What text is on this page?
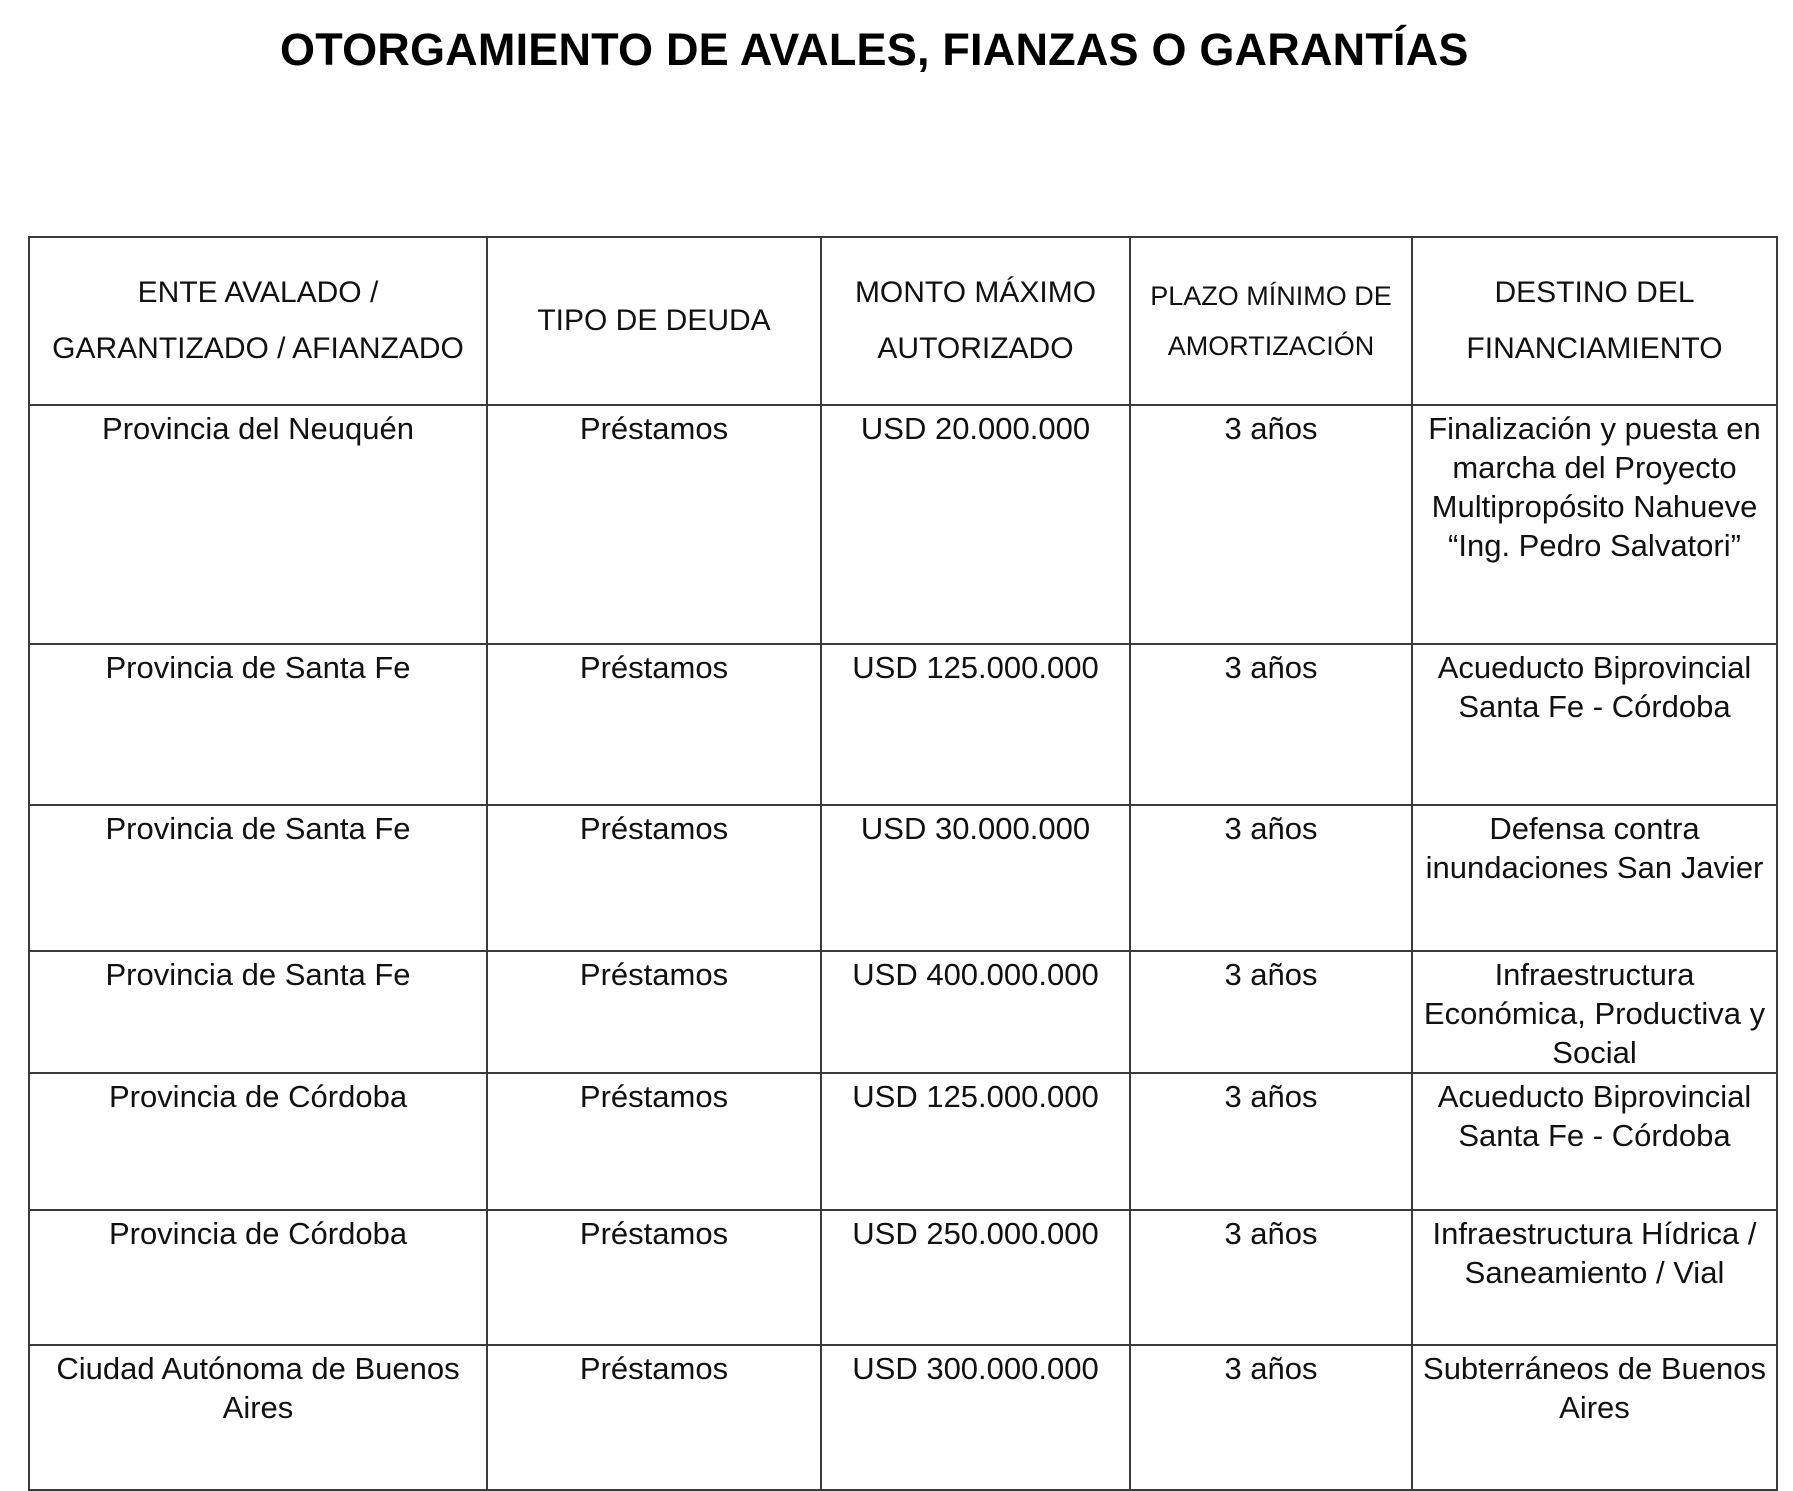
OTORGAMIENTO DE AVALES, FIANZAS O GARANTÍAS
ENTE AVALADO / GARANTIZADO / AFIANZADO	TIPO DE DEUDA	MONTO MÁXIMO AUTORIZADO	PLAZO MÍNIMO DE AMORTIZACIÓN	DESTINO DEL FINANCIAMIENTO
Provincia del Neuquén	Préstamos	USD 20.000.000	3 años	Finalización y puesta en marcha del Proyecto Multipropósito Nahueve “Ing. Pedro Salvatori”
Provincia de Santa Fe	Préstamos	USD 125.000.000	3 años	Acueducto Biprovincial Santa Fe - Córdoba
Provincia de Santa Fe	Préstamos	USD 30.000.000	3 años	Defensa contra inundaciones San Javier
Provincia de Santa Fe	Préstamos	USD 400.000.000	3 años	Infraestructura Económica, Productiva y Social
Provincia de Córdoba	Préstamos	USD 125.000.000	3 años	Acueducto Biprovincial Santa Fe - Córdoba
Provincia de Córdoba	Préstamos	USD 250.000.000	3 años	Infraestructura Hídrica / Saneamiento / Vial
Ciudad Autónoma de Buenos Aires	Préstamos	USD 300.000.000	3 años	Subterráneos de Buenos Aires
